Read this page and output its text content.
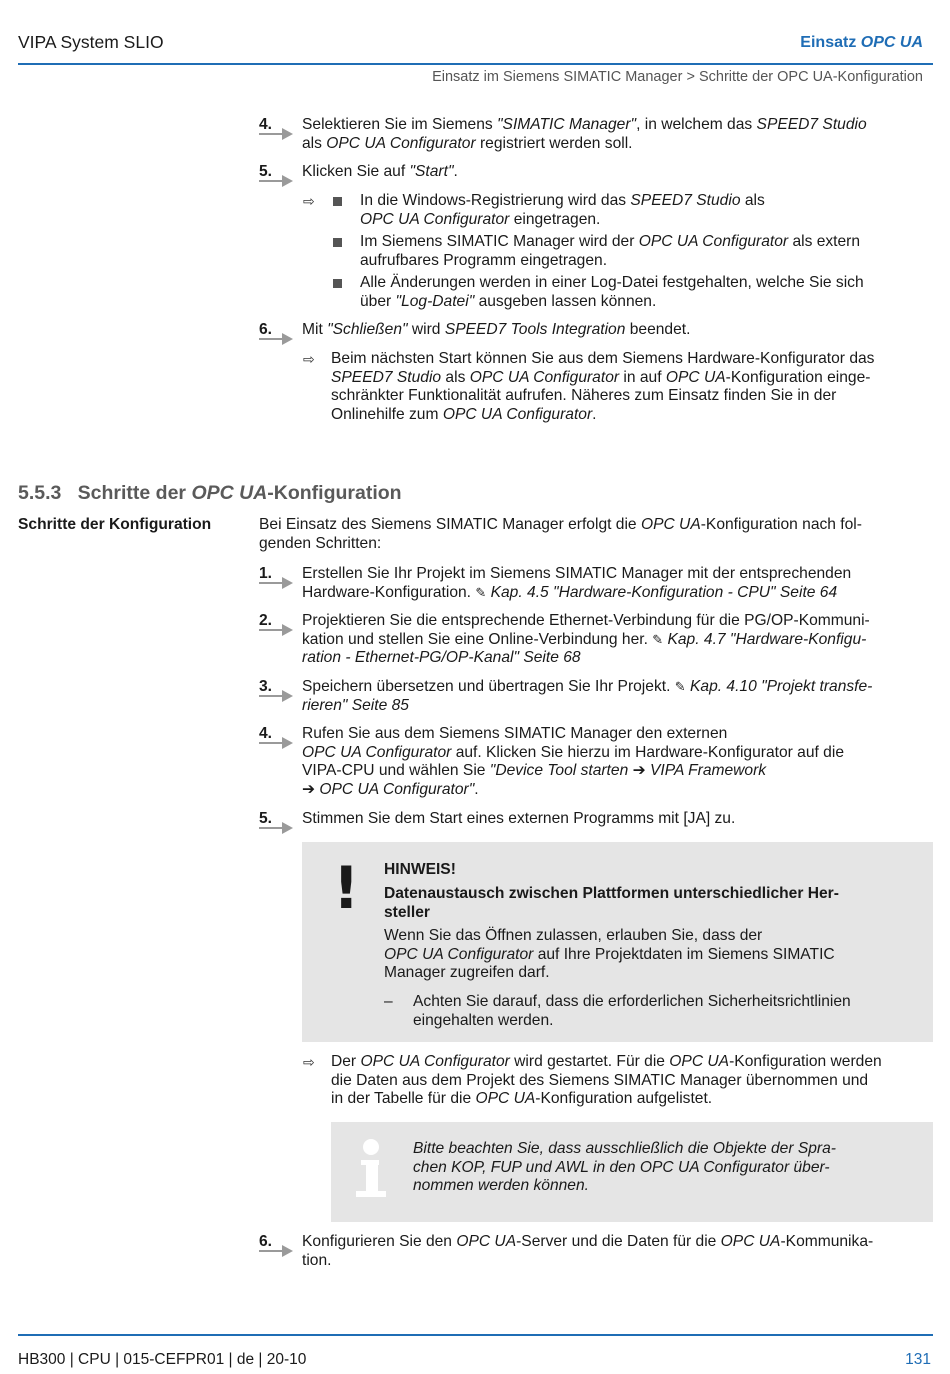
VIPA System SLIO	Einsatz OPC UA
Einsatz im Siemens SIMATIC Manager > Schritte der OPC UA-Konfiguration
4.	Selektieren Sie im Siemens "SIMATIC Manager", in welchem das SPEED7 Studio
als OPC UA Configurator registriert werden soll.
5.	Klicken Sie auf "Start".
⇨	In die Windows-Registrierung wird das SPEED7 Studio als
OPC UA Configurator eingetragen.
Im Siemens SIMATIC Manager wird der OPC UA Configurator als extern
aufrufbares Programm eingetragen.
Alle Änderungen werden in einer Log-Datei festgehalten, welche Sie sich
über "Log-Datei" ausgeben lassen können.
6.	Mit "Schließen" wird SPEED7 Tools Integration beendet.
⇨ Beim nächsten Start können Sie aus dem Siemens Hardware-Konfigurator das
SPEED7 Studio als OPC UA Configurator in auf OPC UA-Konfiguration einge-
schränkter Funktionalität aufrufen. Näheres zum Einsatz finden Sie in der
Onlinehilfe zum OPC UA Configurator.
5.5.3 Schritte der OPC UA-Konfiguration
Schritte der Konfiguration	Bei Einsatz des Siemens SIMATIC Manager erfolgt die OPC UA-Konfiguration nach fol-
genden Schritten:
1.	Erstellen Sie Ihr Projekt im Siemens SIMATIC Manager mit der entsprechenden
Hardware-Konfiguration. ✎ Kap. 4.5 "Hardware-Konfiguration - CPU" Seite 64
2.	Projektieren Sie die entsprechende Ethernet-Verbindung für die PG/OP-Kommuni-
kation und stellen Sie eine Online-Verbindung her. ✎ Kap. 4.7 "Hardware-Konfigu-
ration - Ethernet-PG/OP-Kanal" Seite 68
3.	Speichern übersetzen und übertragen Sie Ihr Projekt. ✎ Kap. 4.10 "Projekt transfe-
rieren" Seite 85
4.	Rufen Sie aus dem Siemens SIMATIC Manager den externen
OPC UA Configurator auf. Klicken Sie hierzu im Hardware-Konfigurator auf die
VIPA-CPU und wählen Sie "Device Tool starten ➔ VIPA Framework
➔ OPC UA Configurator".
5.	Stimmen Sie dem Start eines externen Programms mit [JA] zu.
! HINWEIS!
Datenaustausch zwischen Plattformen unterschiedlicher Her-
steller
Wenn Sie das Öffnen zulassen, erlauben Sie, dass der
OPC UA Configurator auf Ihre Projektdaten im Siemens SIMATIC
Manager zugreifen darf.
– Achten Sie darauf, dass die erforderlichen Sicherheitsrichtlinien
eingehalten werden.
⇨ Der OPC UA Configurator wird gestartet. Für die OPC UA-Konfiguration werden
die Daten aus dem Projekt des Siemens SIMATIC Manager übernommen und
in der Tabelle für die OPC UA-Konfiguration aufgelistet.
Bitte beachten Sie, dass ausschließlich die Objekte der Spra-
chen KOP, FUP und AWL in den OPC UA Configurator über-
nommen werden können.
6.	Konfigurieren Sie den OPC UA-Server und die Daten für die OPC UA-Kommunika-
tion.
HB300 | CPU | 015-CEFPR01 | de | 20-10	131
